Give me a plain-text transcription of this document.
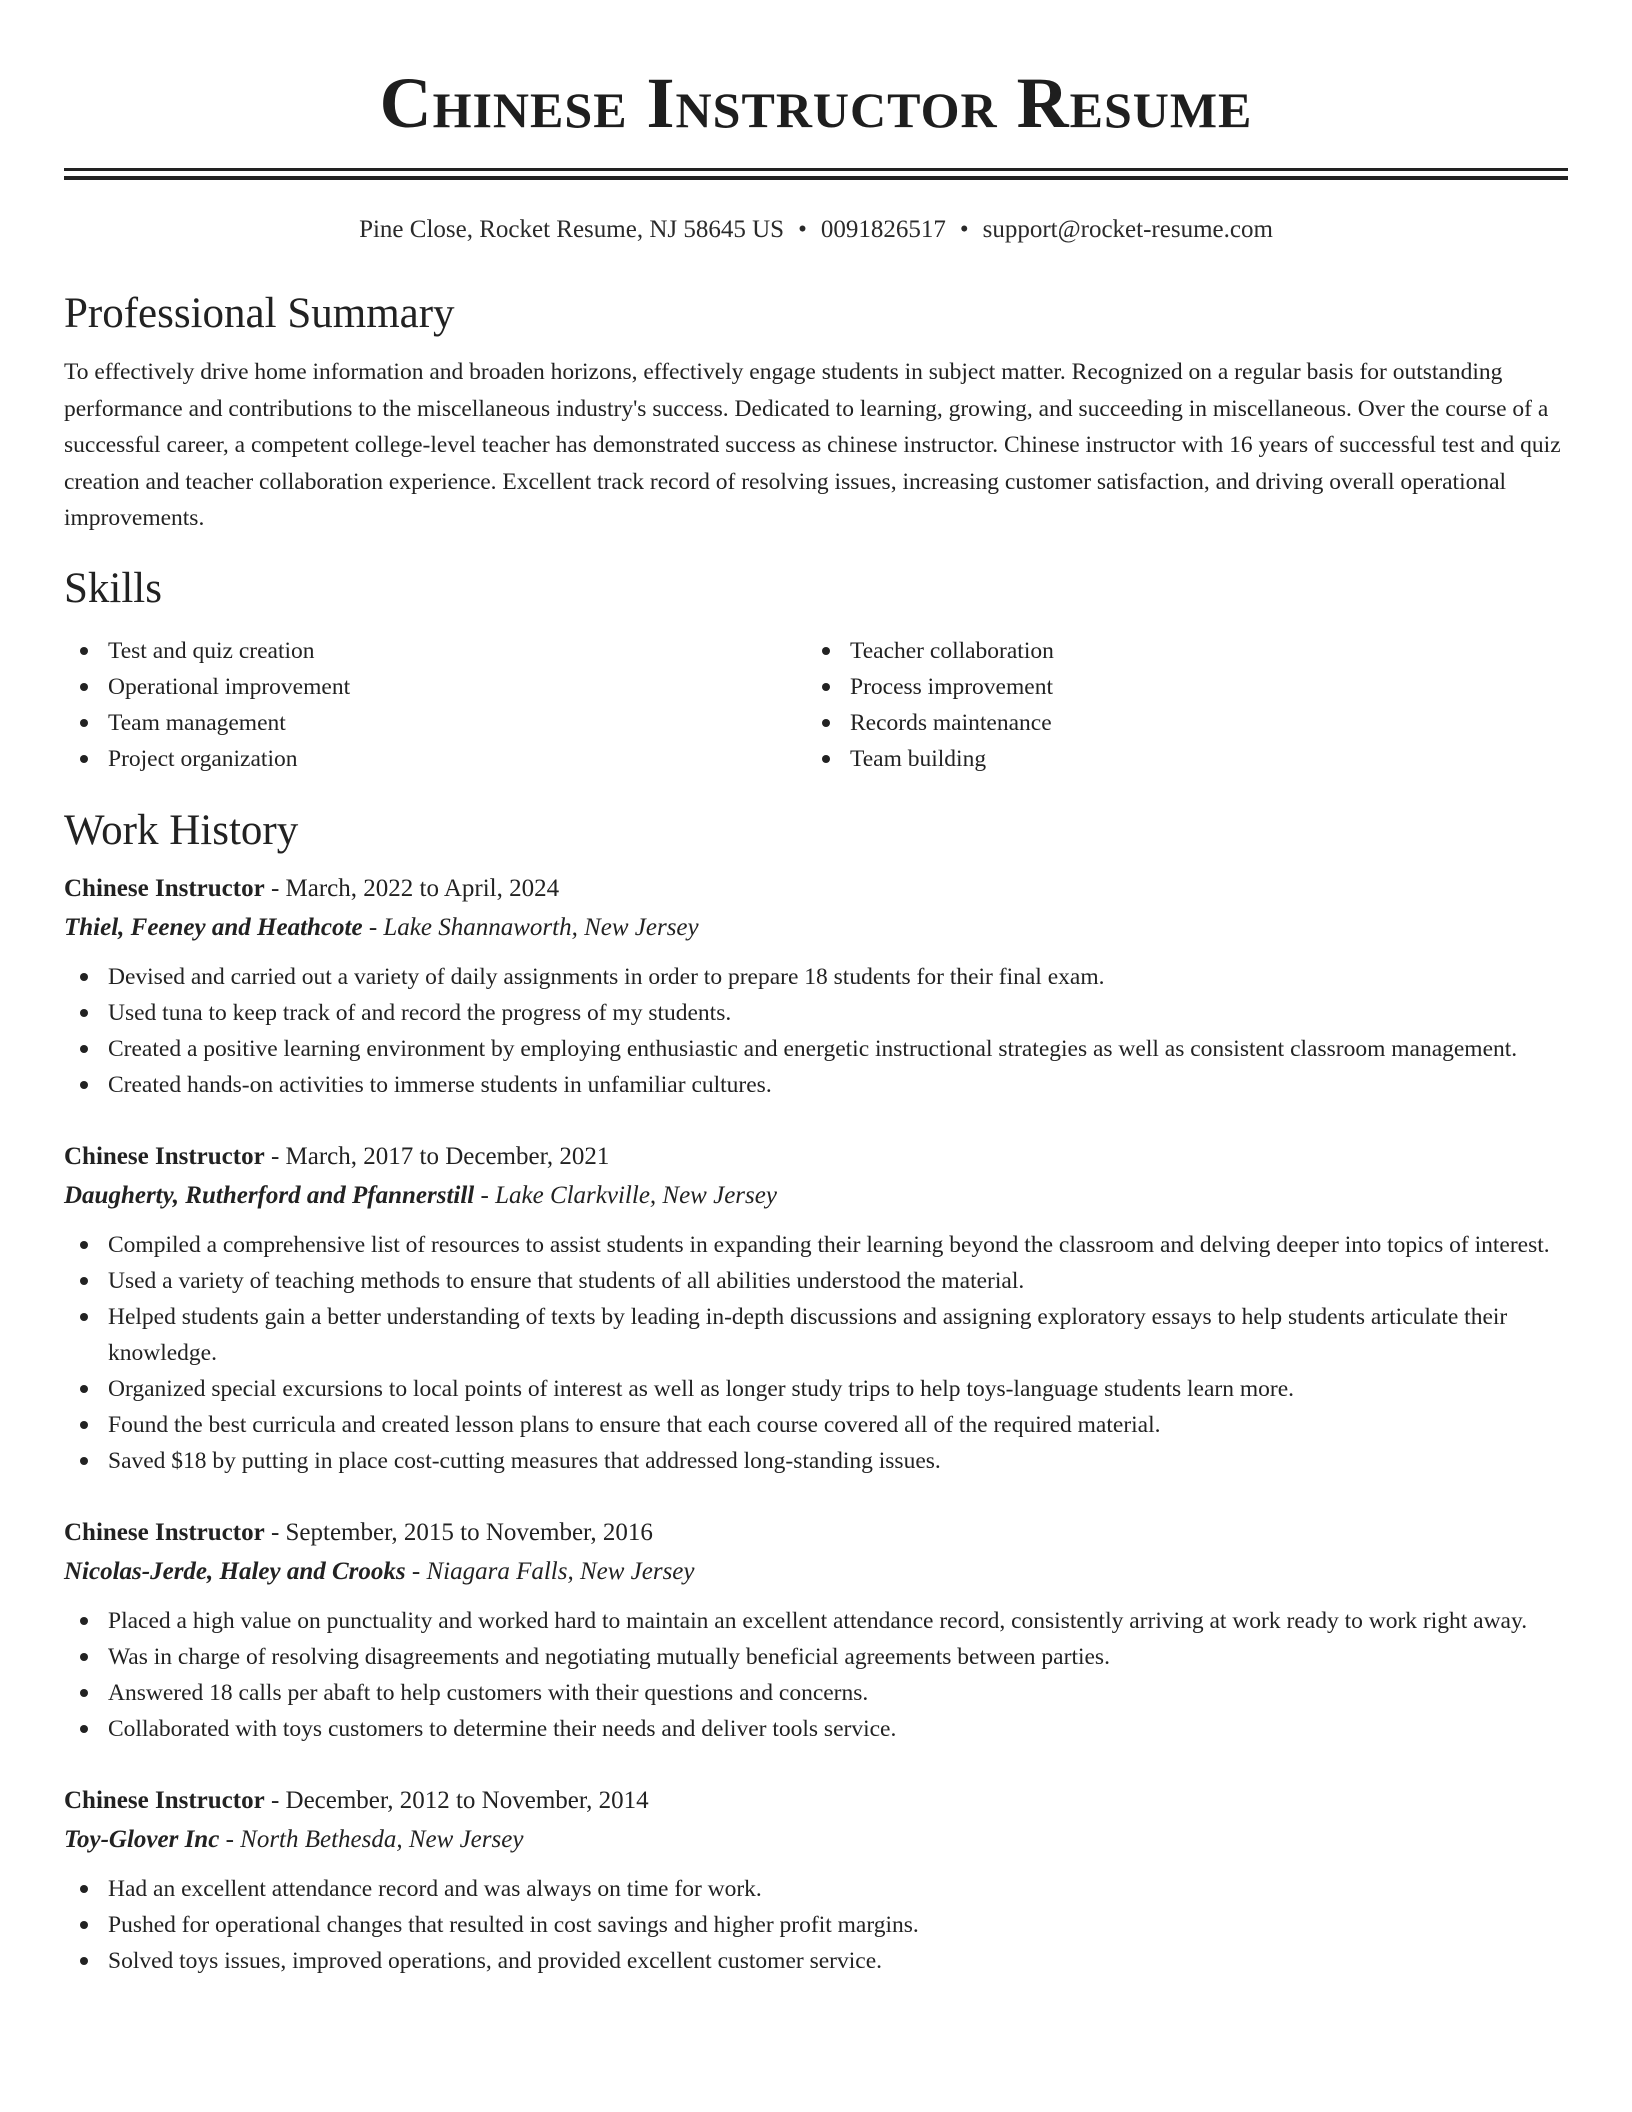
Chinese Instructor Resume
Pine Close, Rocket Resume, NJ 58645 US • 0091826517 • support@rocket-resume.com
Professional Summary

To effectively drive home information and broaden horizons, effectively engage students in subject matter. Recognized on a regular basis for outstanding performance and contributions to the miscellaneous industry's success. Dedicated to learning, growing, and succeeding in miscellaneous. Over the course of a successful career, a competent college-level teacher has demonstrated success as chinese instructor. Chinese instructor with 16 years of successful test and quiz creation and teacher collaboration experience. Excellent track record of resolving issues, increasing customer satisfaction, and driving overall operational improvements.

Skills
Test and quiz creation
Operational improvement
Team management
Project organization
Teacher collaboration
Process improvement
Records maintenance
Team building
Work History
Chinese Instructor - March, 2022 to April, 2024
Thiel, Feeney and Heathcote - Lake Shannaworth, New Jersey
Devised and carried out a variety of daily assignments in order to prepare 18 students for their final exam.
Used tuna to keep track of and record the progress of my students.
Created a positive learning environment by employing enthusiastic and energetic instructional strategies as well as consistent classroom management.
Created hands-on activities to immerse students in unfamiliar cultures.
Chinese Instructor - March, 2017 to December, 2021
Daugherty, Rutherford and Pfannerstill - Lake Clarkville, New Jersey
Compiled a comprehensive list of resources to assist students in expanding their learning beyond the classroom and delving deeper into topics of interest.
Used a variety of teaching methods to ensure that students of all abilities understood the material.
Helped students gain a better understanding of texts by leading in-depth discussions and assigning exploratory essays to help students articulate their knowledge.
Organized special excursions to local points of interest as well as longer study trips to help toys-language students learn more.
Found the best curricula and created lesson plans to ensure that each course covered all of the required material.
Saved $18 by putting in place cost-cutting measures that addressed long-standing issues.
Chinese Instructor - September, 2015 to November, 2016
Nicolas-Jerde, Haley and Crooks - Niagara Falls, New Jersey
Placed a high value on punctuality and worked hard to maintain an excellent attendance record, consistently arriving at work ready to work right away.
Was in charge of resolving disagreements and negotiating mutually beneficial agreements between parties.
Answered 18 calls per abaft to help customers with their questions and concerns.
Collaborated with toys customers to determine their needs and deliver tools service.
Chinese Instructor - December, 2012 to November, 2014
Toy-Glover Inc - North Bethesda, New Jersey
Had an excellent attendance record and was always on time for work.
Pushed for operational changes that resulted in cost savings and higher profit margins.
Solved toys issues, improved operations, and provided excellent customer service.
